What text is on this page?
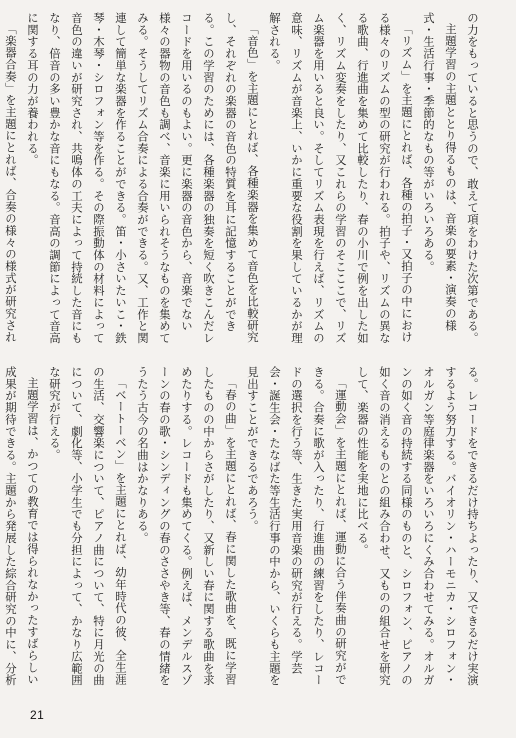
の力をもっていると思うので、敢えて項をわけた次第である。

主題学習の主題ととり得るものは、音楽の要素・演奏の様式・生活行事・季節的なもの等がいろいろある。

「リズム」を主題にとれば、各種の拍子・又拍子の中における様々のリズムの型の研究が行われる。拍子や、リズムの異なる歌曲、行進曲を集めて比較したり、春の小川で例を出した如く、リズム変奏をしたり、又これらの学習のそこここで、リズム楽器を用いると良い。そしてリズム表現を行えば、リズムの意味、リズムが音楽上、いかに重要な役割を果しているかが理解される。

「音色」を主題にとれば、各種楽器を集めて音色を比較研究し、それぞれの楽器の音色の特質を耳に記憶することができる。この学習のためには、各種楽器の独奏を短く吹きこんだレコードを用いるのもよい。更に楽器の音色から、音楽でない様々の器物の音色も調べ、音楽に用いられそうなものを集めてみる。そうしてリズム合奏による合奏ができる。又、工作と関連して簡単な楽器を作ることができる。笛・小さいたいこ・鉄琴・木琴・シロフォン等を作る。その際振動体の材料によって音色の違いが研究され、共鳴体の工夫によって持続した音にもなり、倍音の多い豊かな音にもなる。音高の調節によって音高に関する耳の力が養われる。

「楽器合奏」を主題にとれば、合奏の様々の様式が研究され

る。レコードをできるだけ持ちよったり、又できるだけ実演するよう努力する。バイオリン・ハーモニカ・シロフォン・オルガン等庭律楽器をいろいろにくみ合わせてみる。オルガンの如く音の持続する同様のものと、シロフォン、ピアノの如く音の消えるものとの組み合わせ、又ものの組合せを研究して、楽器の性能を実地に比べる。

「運動会」を主題にとれば、運動に合う伴奏曲の研究ができる。合奏に歌が入ったり、行進曲の練習をしたり、レコードの選択を行う等、生きた実用音楽の研究が行える。学芸会・誕生会・たなばた等生活行事の中から、いくらも主題を見出すことができるであろう。

「春の曲」を主題にとれば、春に関した歌曲を、既に学習したものの中からさがしたり、又新しい春に関する歌曲を求めたりする。レコードも集めてくる。例えば、メンデルスゾーンの春の歌・シンディングの春のささやき等、春の情緒をうたう古今の名曲はかなりある。

「ベートーベン」を主題にとれば、幼年時代の彼、全生涯の生活、交響楽について、ピアノ曲について、特に月光の曲について、劇化等、小学生でも分担によって、かなり広範囲な研究が行える。

主題学習は、かつての教育では得られなかったすばらしい成果が期待できる。主題から発展した綜合研究の中に、分析

21
